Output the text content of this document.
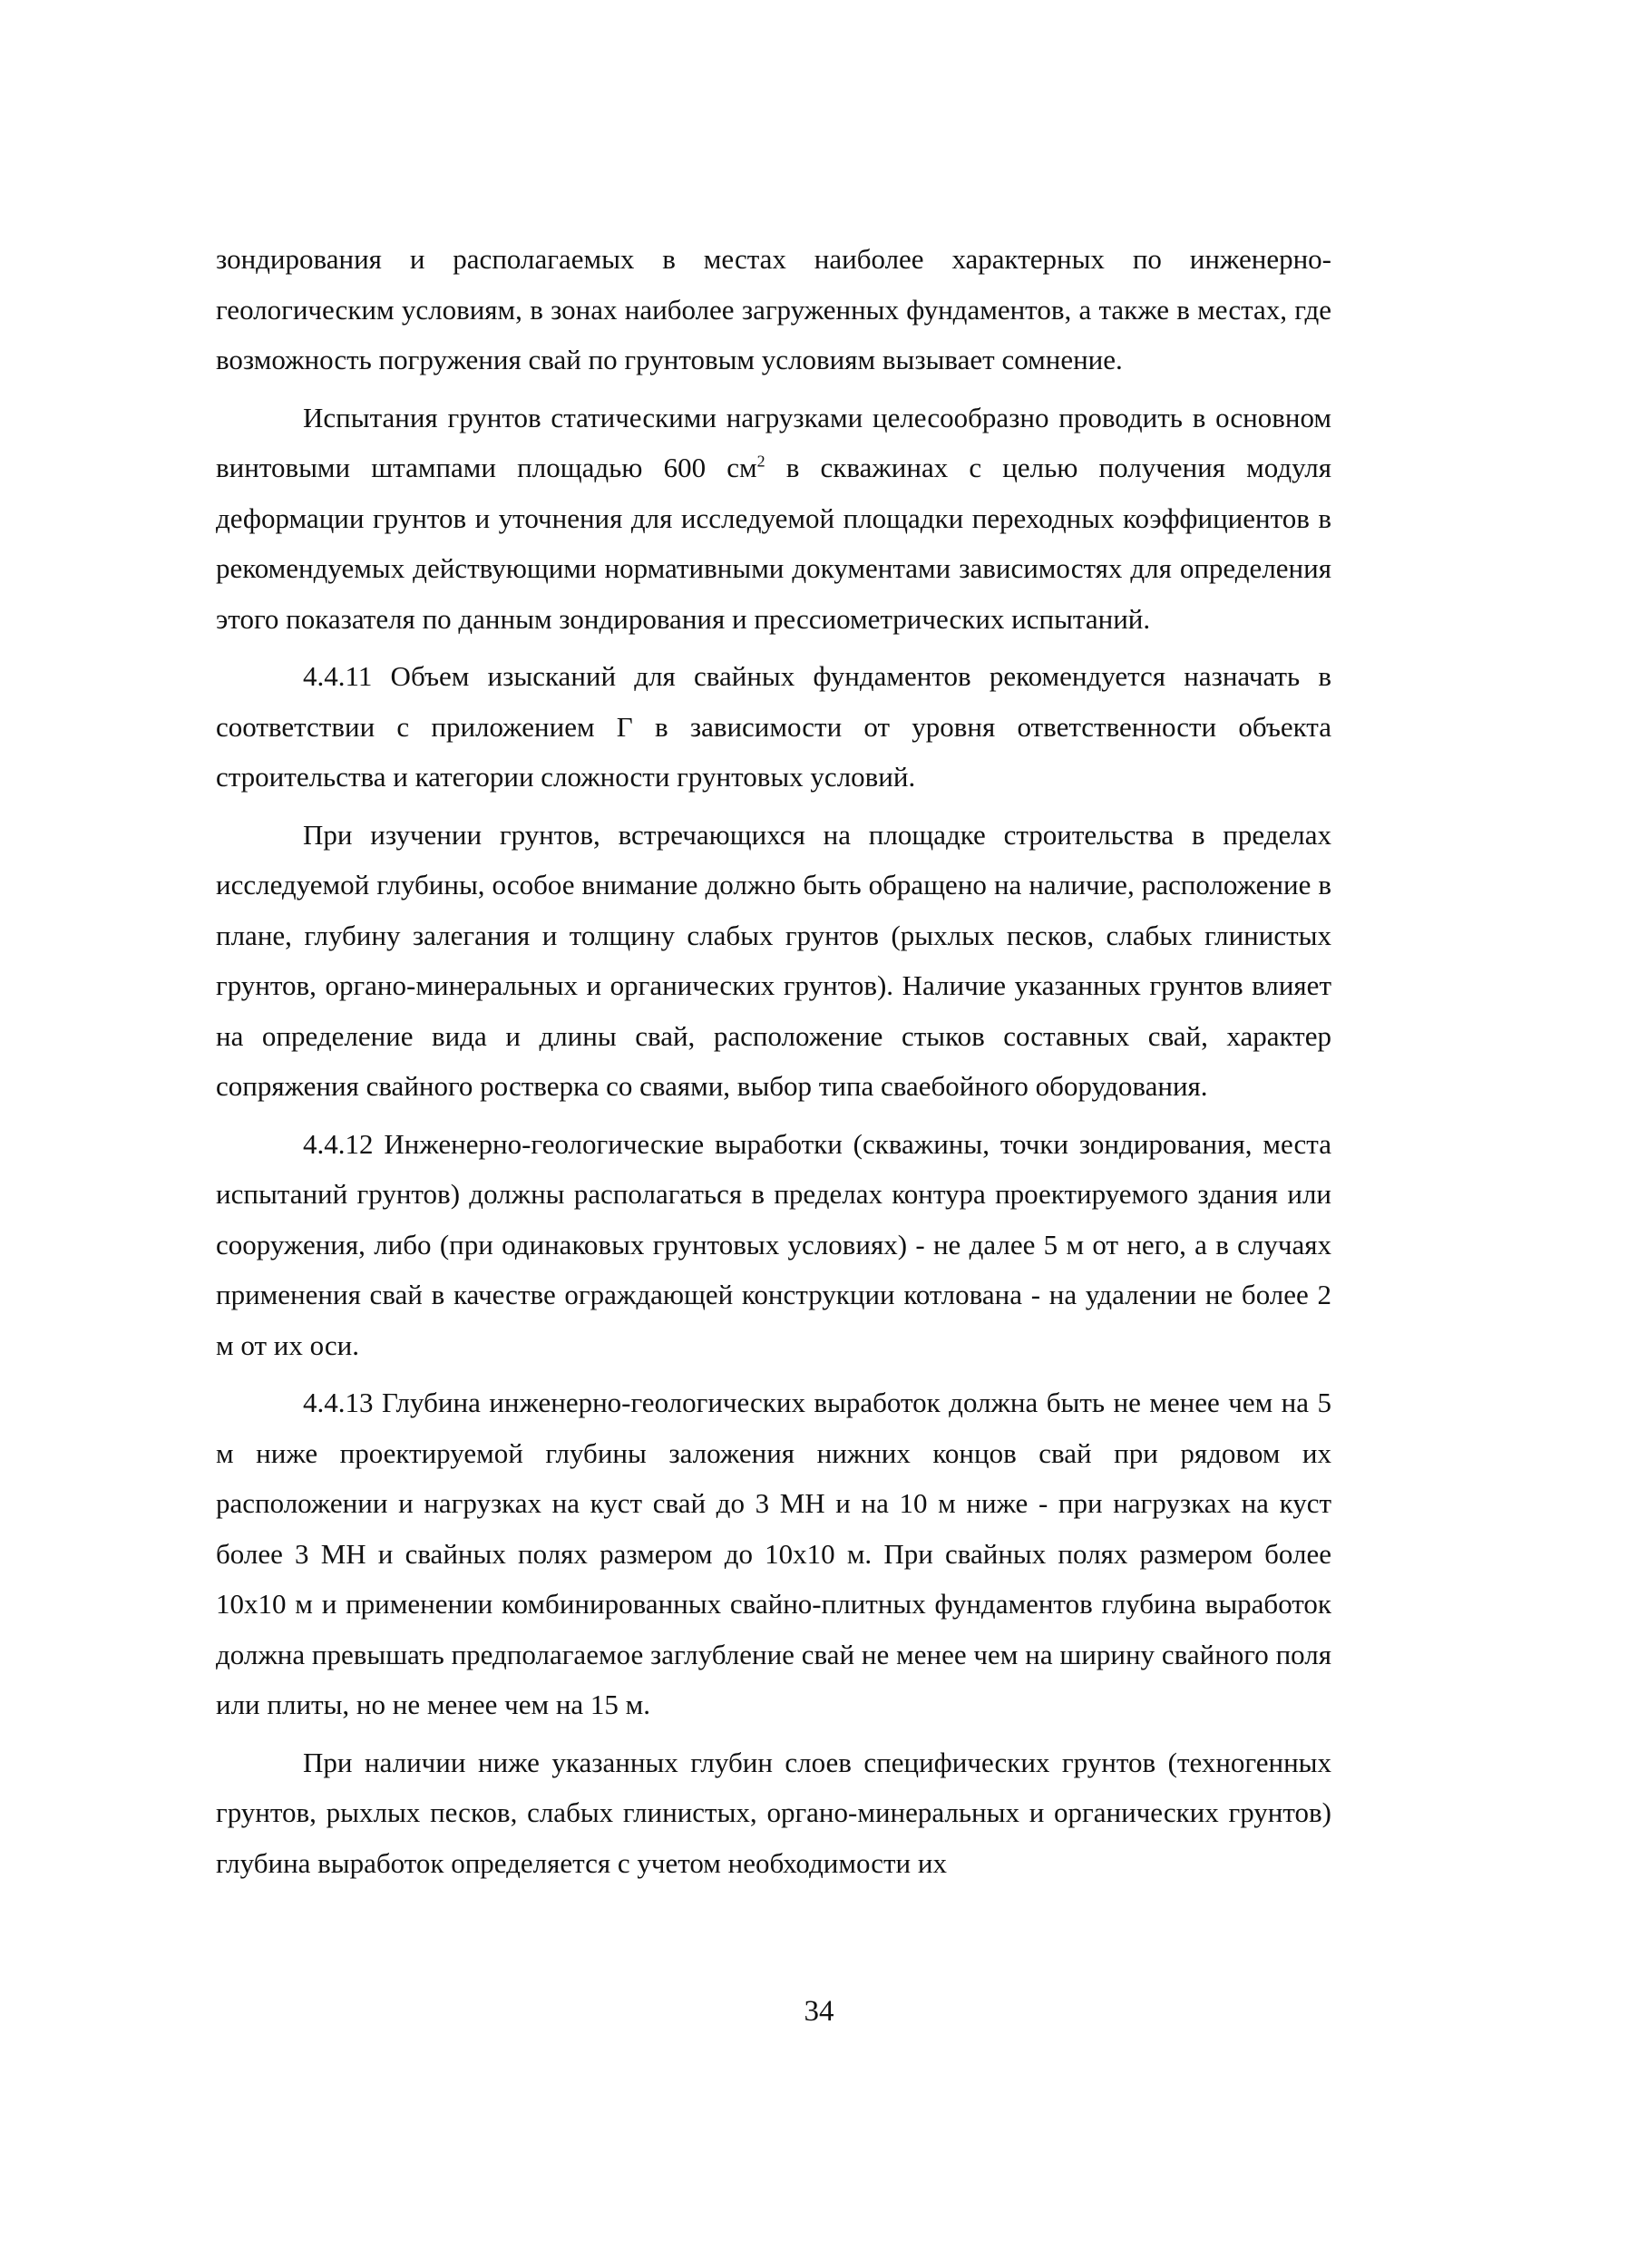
зондирования и располагаемых в местах наиболее характерных по инженерно-геологическим условиям, в зонах наиболее загруженных фундаментов, а также в местах, где возможность погружения свай по грунтовым условиям вызывает сомнение.

Испытания грунтов статическими нагрузками целесообразно проводить в основном винтовыми штампами площадью 600 $см^2$ в скважинах с целью получения модуля деформации грунтов и уточнения для исследуемой площадки переходных коэффициентов в рекомендуемых действующими нормативными документами зависимостях для определения этого показателя по данным зондирования и прессиометрических испытаний.

4.4.11 Объем изысканий для свайных фундаментов рекомендуется назначать в соответствии с приложением Г в зависимости от уровня ответственности объекта строительства и категории сложности грунтовых условий.

При изучении грунтов, встречающихся на площадке строительства в пределах исследуемой глубины, особое внимание должно быть обращено на наличие, расположение в плане, глубину залегания и толщину слабых грунтов (рыхлых песков, слабых глинистых грунтов, органо-минеральных и органических грунтов). Наличие указанных грунтов влияет на определение вида и длины свай, расположение стыков составных свай, характер сопряжения свайного ростверка со сваями, выбор типа сваебойного оборудования.

4.4.12 Инженерно-геологические выработки (скважины, точки зондирования, места испытаний грунтов) должны располагаться в пределах контура проектируемого здания или сооружения, либо (при одинаковых грунтовых условиях) - не далее 5 м от него, а в случаях применения свай в качестве ограждающей конструкции котлована - на удалении не более 2 м от их оси.

4.4.13 Глубина инженерно-геологических выработок должна быть не менее чем на 5 м ниже проектируемой глубины заложения нижних концов свай при рядовом их расположении и нагрузках на куст свай до 3 МН и на 10 м ниже - при нагрузках на куст более 3 МН и свайных полях размером до 10x10 м. При свайных полях размером более 10x10 м и применении комбинированных свайно-плитных фундаментов глубина выработок должна превышать предполагаемое заглубление свай не менее чем на ширину свайного поля или плиты, но не менее чем на 15 м.

При наличии ниже указанных глубин слоев специфических грунтов (техногенных грунтов, рыхлых песков, слабых глинистых, органо-минеральных и органических грунтов) глубина выработок определяется с учетом необходимости их

34
